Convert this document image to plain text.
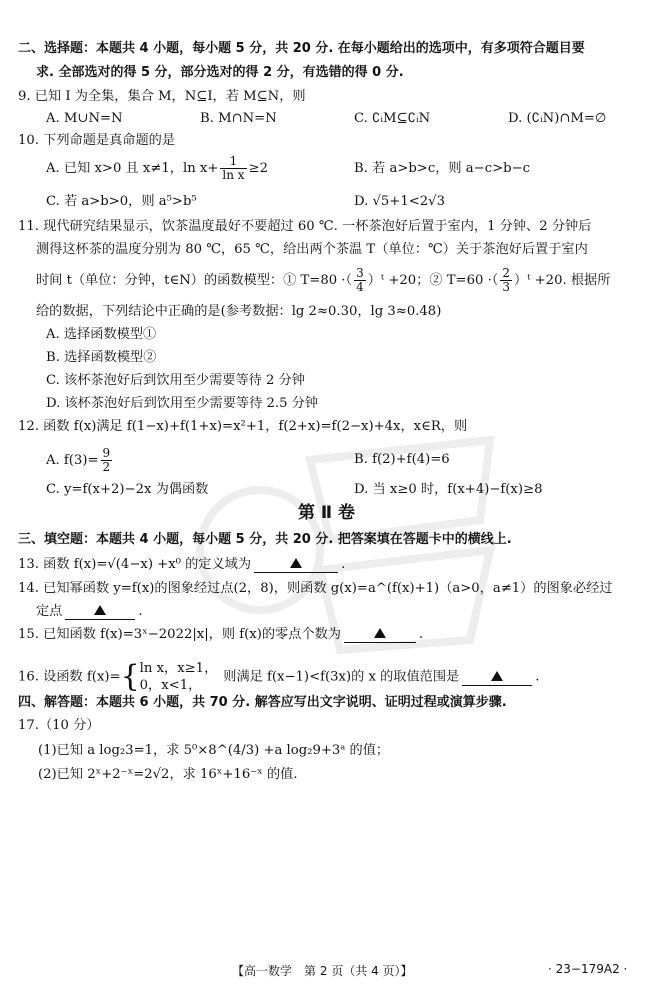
二、选择题：本题共 4 小题，每小题 5 分，共 20 分. 在每小题给出的选项中，有多项符合题目要
求. 全部选对的得 5 分，部分选对的得 2 分，有选错的得 0 分.
9. 已知 I 为全集，集合 M，N⊆I，若 M⊆N，则
A. M∪N=N	B. M∩N=N	C. ∁ᵢM⊆∁ᵢN	D. (∁ᵢN)∩M=∅
10. 下列命题是真命题的是
A. 已知 x>0 且 x≠1，$\ln x+ \frac{1}{\text{ln x}} \ge 2$	B. 若 a>b>c，则 a−c>b−c
C. 若 a>b>0，则 a⁵>b⁵	D. √5+1<2√3
11. 现代研究结果显示，饮茶温度最好不要超过 60 ℃. 一杯茶泡好后置于室内，1 分钟、2 分钟后
测得这杯茶的温度分别为 80 ℃，65 ℃，给出两个茶温 T（单位：℃）关于茶泡好后置于室内
时间 t（单位：分钟，t∈N）的函数模型：① T=80 ·（ $\frac{3}{4}$ ）ᵗ +20；② T=60 ·（ $\frac{2}{3}$ ）ᵗ +20. 根据所
给的数据，下列结论中正确的是(参考数据：lg 2≈0.30，lg 3≈0.48)
A. 选择函数模型①
B. 选择函数模型②
C. 该杯茶泡好后到饮用至少需要等待 2 分钟
D. 该杯茶泡好后到饮用至少需要等待 2.5 分钟
12. 函数 f(x)满足 f(1−x)+f(1+x)=x²+1，f(2+x)=f(2−x)+4x，x∈R，则
A. $f(3)= \frac{9}{2}$	B. f(2)+f(4)=6
C. y=f(x+2)−2x 为偶函数	D. 当 x≥0 时，f(x+4)−f(x)≥8
第 Ⅱ 卷
三、填空题：本题共 4 小题，每小题 5 分，共 20 分. 把答案填在答题卡中的横线上.
13. 函数 f(x)=√(4−x) +x⁰ 的定义域为	.
14. 已知幂函数 y=f(x)的图象经过点(2，8)，则函数 g(x)=a^(f(x)+1)（a>0，a≠1）的图象必经过
定点	.
15. 已知函数 f(x)=3ˣ−2022|x|，则 f(x)的零点个数为	.
16. 设函数 f(x)={ ln x，x≥1，
0，x<1，
则满足 f(x−1)<f(3x)的 x 的取值范围是	.
四、解答题：本题共 6 小题，共 70 分. 解答应写出文字说明、证明过程或演算步骤.
17.（10 分）
(1)已知 a log₂3=1，求 5⁰×8^(4/3) +a log₂9+3ᵃ 的值；
(2)已知 2ˣ+2⁻ˣ=2√2，求 16ˣ+16⁻ˣ 的值.
【高一数学　第 2 页（共 4 页）】	· 23−179A2 ·
